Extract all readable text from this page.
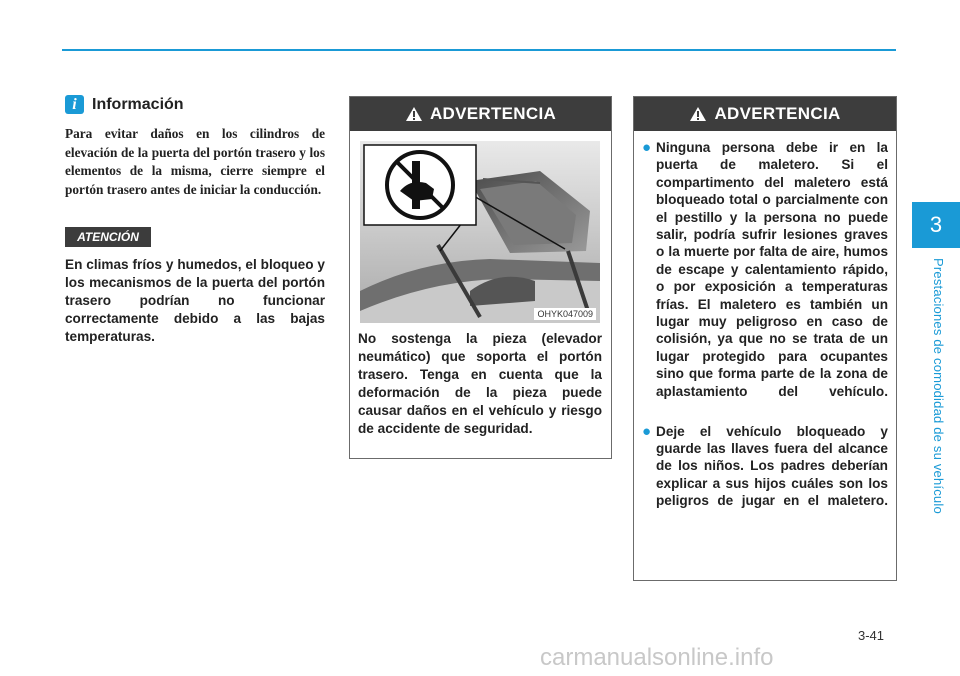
i Información

Para evitar daños en los cilindros de elevación de la puerta del portón trasero y los elementos de la misma, cierre siempre el portón trasero antes de iniciar la conducción.

ATENCIÓN

En climas fríos y humedos, el bloqueo y los mecanismos de la puerta del portón trasero podrían no funcionar correctamente debido a las bajas temperaturas.

ADVERTENCIA
OHYK047009

No sostenga la pieza (elevador neumático) que soporta el portón trasero. Tenga en cuenta que la deformación de la pieza puede causar daños en el vehículo y riesgo de accidente de seguridad.

ADVERTENCIA
● Ninguna persona debe ir en la puerta de maletero. Si el compartimento del maletero está bloqueado total o parcialmente con el pestillo y la persona no puede salir, podría sufrir lesiones graves o la muerte por falta de aire, humos de escape y calentamiento rápido, o por exposición a temperaturas frías. El maletero es también un lugar muy peligroso en caso de colisión, ya que no se trata de un lugar protegido para ocupantes sino que forma parte de la zona de aplastamiento del vehículo.
● Deje el vehículo bloqueado y guarde las llaves fuera del alcance de los niños. Los padres deberían explicar a sus hijos cuáles son los peligros de jugar en el maletero.
3
Prestaciones de comodidad de su vehículo
3-41
carmanualsonline.info
